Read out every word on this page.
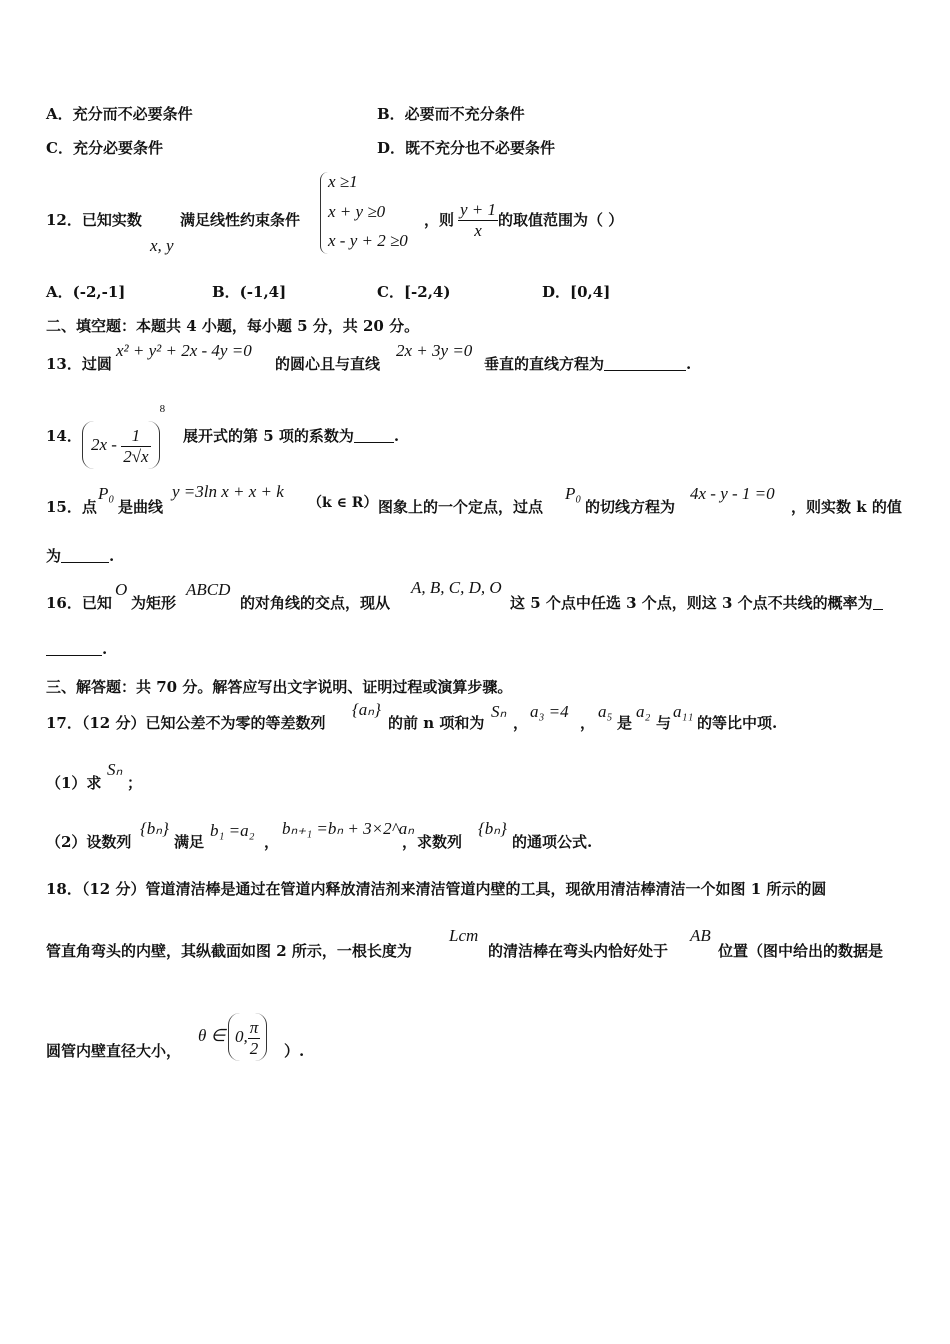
A．充分而不必要条件	B．必要而不充分条件
C．充分必要条件	D．既不充分也不必要条件
12．已知实数
x, y
满足线性约束条件
x ≥1
x + y ≥0
x - y + 2 ≥0
，则 $\frac{y + 1}{x}$ 的取值范围为（ ）
A．(-2,-1]	B．(-1,4]	C．[-2,4)	D．[0,4]
二、填空题：本题共 4 小题，每小题 5 分，共 20 分。
13．过圆
x² + y² + 2x - 4y =0
的圆心且与直线
2x + 3y =0
垂直的直线方程为	.
14． $2x - \frac{1}{2√x}$
$^8$
展开式的第 5 项的系数为	.
15．点
P₀
是曲线
y =3ln x + x + k
（k ∈ R） 图象上的一个定点，过点
P₀
的切线方程为
4x - y - 1 =0
，则实数 k 的值
为	.
16．已知
O
为矩形
ABCD
的对角线的交点，现从
A, B, C, D, O
这 5 个点中任选 3 个点，则这 3 个点不共线的概率为
.
三、解答题：共 70 分。解答应写出文字说明、证明过程或演算步骤。
17．（12 分）已知公差不为零的等差数列
{aₙ}
的前 n 项和为
Sₙ
，
a₃ =4
，
a₅
是
a₂
与
a₁₁
的等比中项.
（1）求
Sₙ
；
（2）设数列
{bₙ}
满足
b₁ =a₂
，
bₙ₊₁ =bₙ + 3×2^aₙ
，求数列
{bₙ}
的通项公式.
18．（12 分）管道清洁棒是通过在管道内释放清洁剂来清洁管道内壁的工具，现欲用清洁棒清洁一个如图 1 所示的圆
管直角弯头的内壁，其纵截面如图 2 所示，一根长度为
Lcm
的清洁棒在弯头内恰好处于
AB
位置（图中给出的数据是
圆管内壁直径大小，
θ ∈ 0, $\frac{\pi}{2}$ ）.
